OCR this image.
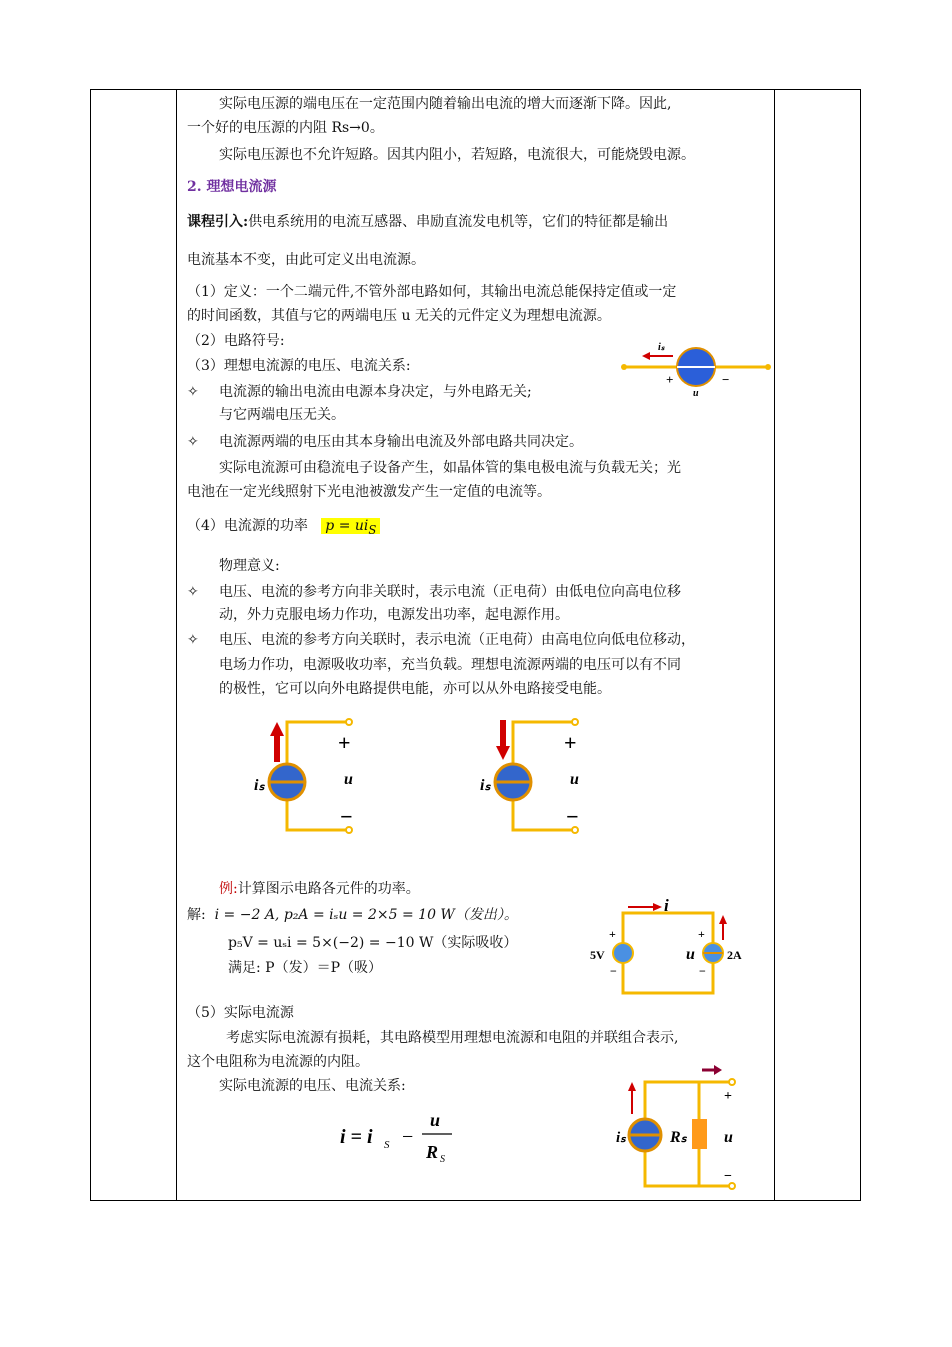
实际电压源的端电压在一定范围内随着输出电流的增大而逐渐下降。因此,
一个好的电压源的内阻 Rs→0。
实际电压源也不允许短路。因其内阻小，若短路，电流很大，可能烧毁电源。
2. 理想电流源
课程引入:供电系统用的电流互感器、串励直流发电机等，它们的特征都是输出
电流基本不变，由此可定义出电流源。
（1）定义：一个二端元件,不管外部电路如何，其输出电流总能保持定值或一定
的时间函数，其值与它的两端电压 u 无关的元件定义为理想电流源。
（2）电路符号:
（3）理想电流源的电压、电流关系:
✧ 电流源的输出电流由电源本身决定，与外电路无关;
与它两端电压无关。
✧ 电流源两端的电压由其本身输出电流及外部电路共同决定。
实际电流源可由稳流电子设备产生，如晶体管的集电极电流与负载无关；光
电池在一定光线照射下光电池被激发产生一定值的电流等。
（4）电流源的功率 $p = ui_S$
物理意义:
✧ 电压、电流的参考方向非关联时，表示电流（正电荷）由低电位向高电位移
动，外力克服电场力作功，电源发出功率，起电源作用。
✧ 电压、电流的参考方向关联时，表示电流（正电荷）由高电位向低电位移动，
电场力作功，电源吸收功率，充当负载。理想电流源两端的电压可以有不同
的极性，它可以向外电路提供电能，亦可以从外电路接受电能。
例:计算图示电路各元件的功率。
解: i = −2 A, p₂A = iₛu = 2×5 = 10 W（发出）。
p₅V = uₛi = 5×(−2) = −10 W（实际吸收）
满足: P（发）＝P（吸）
（5）实际电流源
考虑实际电流源有损耗，其电路模型用理想电流源和电阻的并联组合表示,
这个电阻称为电流源的内阻。
实际电流源的电压、电流关系:
i = i S −
u
R S
iₛ
+	−
u
iₛ
+
u
−
iₛ
+
u
−
i
5V
+
−
u
+
−
2A
iₛ	Rₛ u
+
−
